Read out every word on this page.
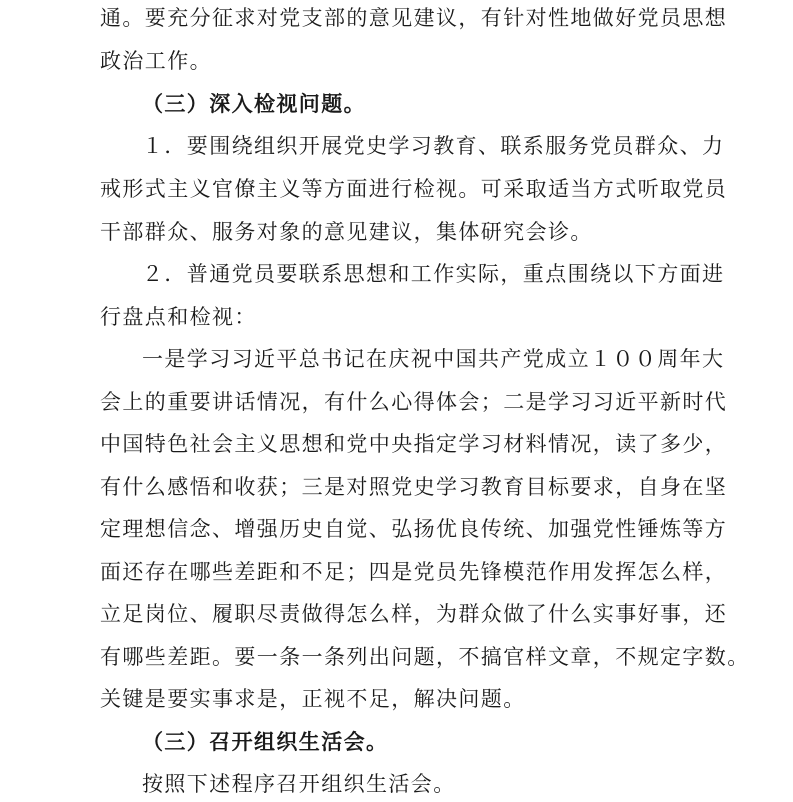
通。要充分征求对党支部的意见建议，有针对性地做好党员思想
政治工作。
（三）深入检视问题。
１．要围绕组织开展党史学习教育、联系服务党员群众、力
戒形式主义官僚主义等方面进行检视。可采取适当方式听取党员
干部群众、服务对象的意见建议，集体研究会诊。
２．普通党员要联系思想和工作实际，重点围绕以下方面进
行盘点和检视：
一是学习习近平总书记在庆祝中国共产党成立１００周年大
会上的重要讲话情况，有什么心得体会；二是学习习近平新时代
中国特色社会主义思想和党中央指定学习材料情况，读了多少，
有什么感悟和收获；三是对照党史学习教育目标要求，自身在坚
定理想信念、增强历史自觉、弘扬优良传统、加强党性锤炼等方
面还存在哪些差距和不足；四是党员先锋模范作用发挥怎么样，
立足岗位、履职尽责做得怎么样，为群众做了什么实事好事，还
有哪些差距。要一条一条列出问题，不搞官样文章，不规定字数。
关键是要实事求是，正视不足，解决问题。
（三）召开组织生活会。
按照下述程序召开组织生活会。
